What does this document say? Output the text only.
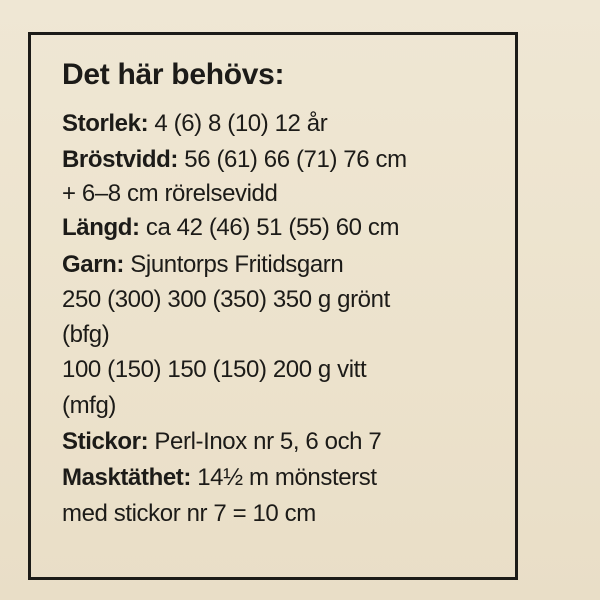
Det här behövs:
Storlek: 4 (6) 8 (10) 12 år
Bröstvidd: 56 (61) 66 (71) 76 cm
+ 6–8 cm rörelsevidd
Längd: ca 42 (46) 51 (55) 60 cm
Garn: Sjuntorps Fritidsgarn
250 (300) 300 (350) 350 g grönt
(bfg)
100 (150) 150 (150) 200 g vitt
(mfg)
Stickor: Perl-Inox nr 5, 6 och 7
Masktäthet: 14½ m mönsterst
med stickor nr 7 = 10 cm
